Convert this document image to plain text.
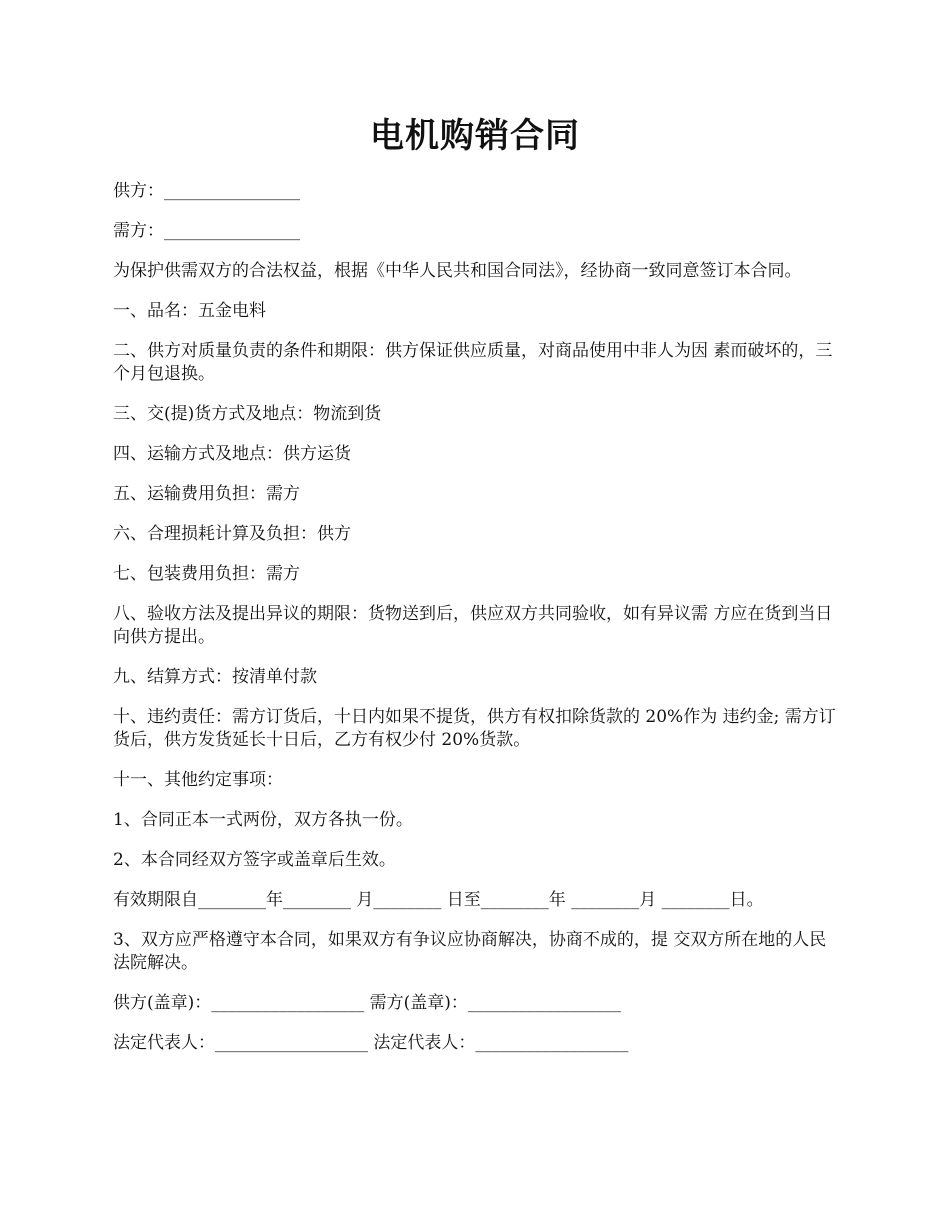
电机购销合同

供方：________________

需方：________________

为保护供需双方的合法权益，根据《中华人民共和国合同法》，经协商一致同意签订本合同。

一、品名：五金电料

二、供方对质量负责的条件和期限：供方保证供应质量，对商品使用中非人为因 素而破坏的，三个月包退换。

三、交(提)货方式及地点：物流到货

四、运输方式及地点：供方运货

五、运输费用负担：需方

六、合理损耗计算及负担：供方

七、包装费用负担：需方

八、验收方法及提出异议的期限：货物送到后，供应双方共同验收，如有异议需 方应在货到当日向供方提出。

九、结算方式：按清单付款

十、违约责任：需方订货后，十日内如果不提货，供方有权扣除货款的 20%作为 违约金; 需方订货后，供方发货延长十日后，乙方有权少付 20%货款。

十一、其他约定事项：

1、合同正本一式两份，双方各执一份。

2、本合同经双方签字或盖章后生效。

有效期限自________年________ 月________ 日至________年 ________月 ________日。

3、双方应严格遵守本合同，如果双方有争议应协商解决，协商不成的，提 交双方所在地的人民法院解决。

供方(盖章)：__________________ 需方(盖章)：__________________

法定代表人：__________________ 法定代表人：__________________
